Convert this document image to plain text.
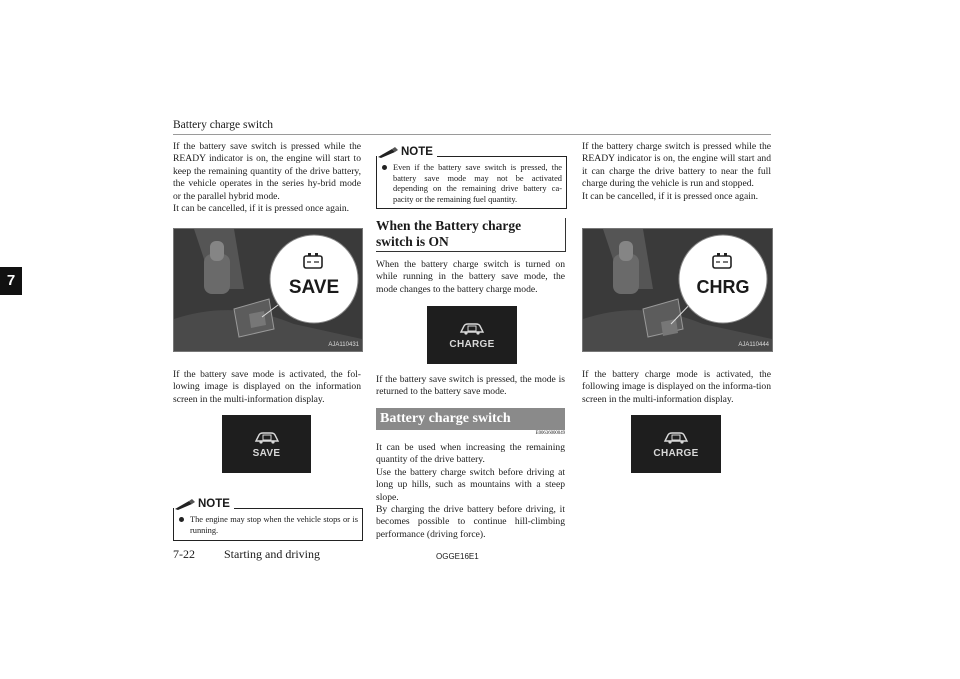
Battery charge switch
7

If the battery save switch is pressed while the READY indicator is on, the engine will start to keep the remaining quantity of the drive battery, the vehicle operates in the series hy-brid mode or the parallel hybrid mode.

It can be cancelled, if it is pressed once again.

SAVE
AJA110431

If the battery save mode is activated, the fol-lowing image is displayed on the information screen in the multi-information display.

SAVE
NOTE
The engine may stop when the vehicle stops or is running.
NOTE
Even if the battery save switch is pressed, the battery save mode may not be activated depending on the remaining drive battery ca-pacity or the remaining fuel quantity.
When the Battery charge
switch is ON

When the battery charge switch is turned on while running in the battery save mode, the mode changes to the battery charge mode.

CHARGE

If the battery save switch is pressed, the mode is returned to the battery save mode.

Battery charge switch
E00636000049

It can be used when increasing the remaining quantity of the drive battery.

Use the battery charge switch before driving at long up hills, such as mountains with a steep slope.

By charging the drive battery before driving, it becomes possible to continue hill-climbing performance (driving force).

If the battery charge switch is pressed while the READY indicator is on, the engine will start and it can charge the drive battery to near the full charge during the vehicle is run and stopped.

It can be cancelled, if it is pressed once again.

CHRG
AJA110444

If the battery charge mode is activated, the following image is displayed on the informa-tion screen in the multi-information display.

CHARGE
7-22 Starting and driving	OGGE16E1
